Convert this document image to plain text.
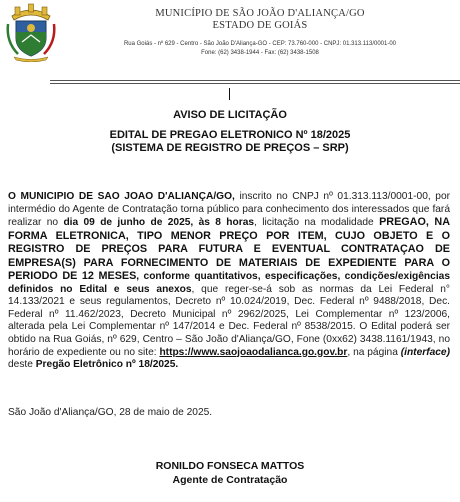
MUNICÍPIO DE SÃO JOÃO D'ALIANÇA/GO
ESTADO DE GOIÁS
Rua Goiás - nº 629 - Centro - São João D'Aliança-GO - CEP: 73.760-000 - CNPJ: 01.313.113/0001-00
Fone: (62) 3438-1944 - Fax: (62) 3438-1508
AVISO DE LICITAÇÃO
EDITAL DE PREGAO ELETRONICO Nº 18/2025
(SISTEMA DE REGISTRO DE PREÇOS – SRP)
O MUNICIPIO DE SAO JOAO D'ALIANÇA/GO, inscrito no CNPJ nº 01.313.113/0001-00, por intermédio do Agente de Contratação torna público para conhecimento dos interessados que fará realizar no dia 09 de junho de 2025, às 8 horas, licitação na modalidade PREGAO, NA FORMA ELETRONICA, TIPO MENOR PREÇO POR ITEM, CUJO OBJETO E O REGISTRO DE PREÇOS PARA FUTURA E EVENTUAL CONTRATAÇAO DE EMPRESA(S) PARA FORNECIMENTO DE MATERIAIS DE EXPEDIENTE PARA O PERIODO DE 12 MESES, conforme quantitativos, especificações, condições/exigências definidos no Edital e seus anexos, que reger-se-á sob as normas da Lei Federal n° 14.133/2021 e seus regulamentos, Decreto nº 10.024/2019, Dec. Federal nº 9488/2018, Dec. Federal nº 11.462/2023, Decreto Municipal nº 2962/2025, Lei Complementar nº 123/2006, alterada pela Lei Complementar nº 147/2014 e Dec. Federal nº 8538/2015. O Edital poderá ser obtido na Rua Goiás, nº 629, Centro – São João d'Aliança/GO, Fone (0xx62) 3438.1161/1943, no horário de expediente ou no site: https://www.saojoaodalianca.go.gov.br, na página (interface) deste Pregão Eletrônico nº 18/2025.
São João d'Aliança/GO, 28 de maio de 2025.
RONILDO FONSECA MATTOS
Agente de Contratação
